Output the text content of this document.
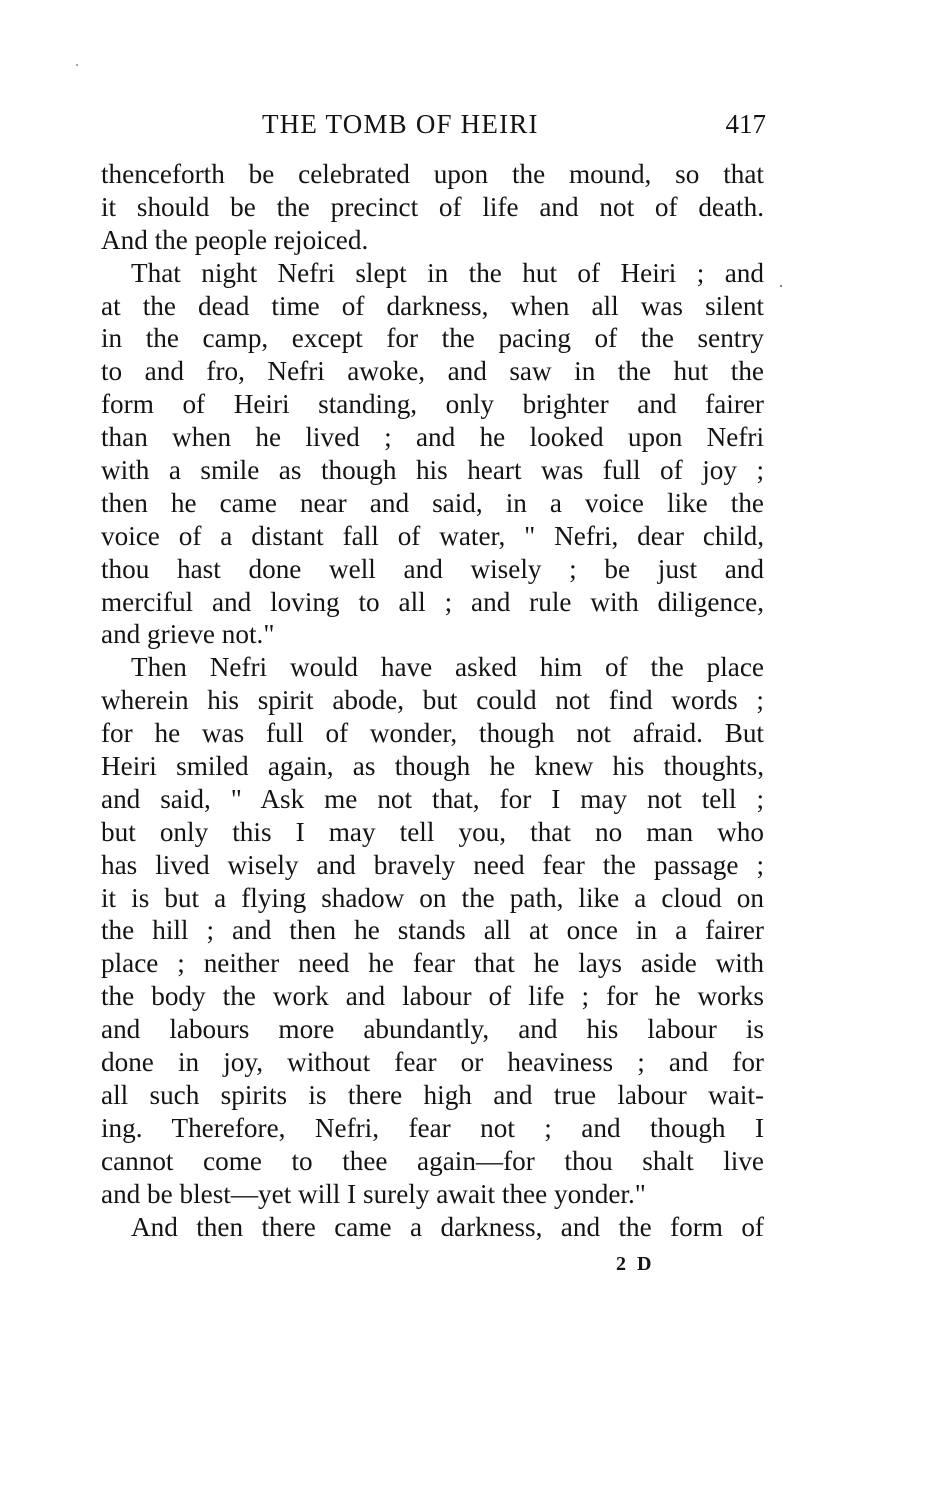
THE TOMB OF HEIRI	417
thenceforth be celebrated upon the mound, so that
it should be the precinct of life and not of death.
And the people rejoiced.
That night Nefri slept in the hut of Heiri ; and
at the dead time of darkness, when all was silent
in the camp, except for the pacing of the sentry
to and fro, Nefri awoke, and saw in the hut the
form of Heiri standing, only brighter and fairer
than when he lived ; and he looked upon Nefri
with a smile as though his heart was full of joy ;
then he came near and said, in a voice like the
voice of a distant fall of water, " Nefri, dear child,
thou hast done well and wisely ; be just and
merciful and loving to all ; and rule with diligence,
and grieve not."
Then Nefri would have asked him of the place
wherein his spirit abode, but could not find words ;
for he was full of wonder, though not afraid. But
Heiri smiled again, as though he knew his thoughts,
and said, " Ask me not that, for I may not tell ;
but only this I may tell you, that no man who
has lived wisely and bravely need fear the passage ;
it is but a flying shadow on the path, like a cloud on
the hill ; and then he stands all at once in a fairer
place ; neither need he fear that he lays aside with
the body the work and labour of life ; for he works
and labours more abundantly, and his labour is
done in joy, without fear or heaviness ; and for
all such spirits is there high and true labour wait-
ing. Therefore, Nefri, fear not ; and though I
cannot come to thee again—for thou shalt live
and be blest—yet will I surely await thee yonder."
And then there came a darkness, and the form of
2 D
